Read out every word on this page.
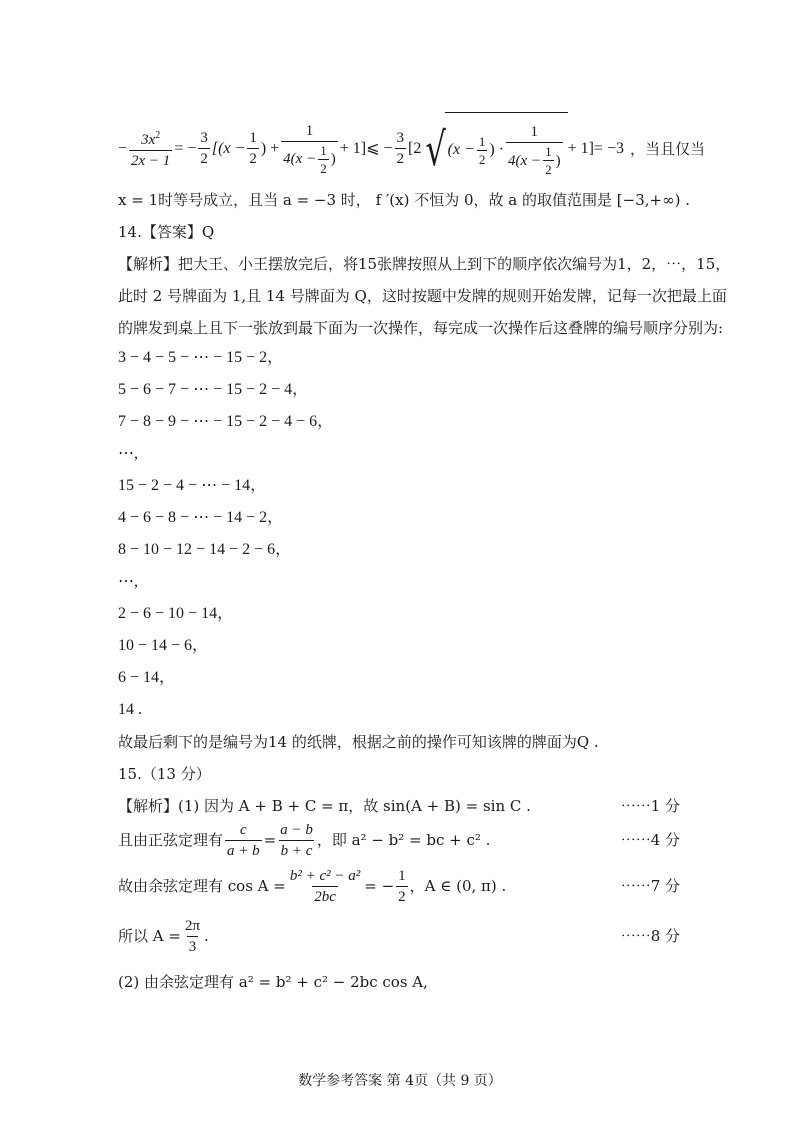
− $\frac{3x^2}{2x - 1}$ = − $\frac{3}{2} [(x - \frac{1}{2}$ ) + $\frac{1}{4(x - \frac{1}{2} )} + 1$] ⩽ − $\frac{3}{2} [2$ √ ($x - \frac{1}{2}$ ) · $\frac{1}{4(x - \frac{1}{2} )} + 1] = -3$ ，当且仅当
x = 1时等号成立，且当 a = −3 时， f ′(x) 不恒为 0，故 a 的取值范围是 [−3,+∞) .
14.【答案】Q
【解析】把大王、小王摆放完后，将15张牌按照从上到下的顺序依次编号为1，2，⋯，15，
此时 2 号牌面为 1,且 14 号牌面为 Q，这时按题中发牌的规则开始发牌，记每一次把最上面
的牌发到桌上且下一张放到最下面为一次操作，每完成一次操作后这叠牌的编号顺序分别为:
3 − 4 − 5 − ⋯ − 15 − 2，
5 − 6 − 7 − ⋯ − 15 − 2 − 4，
7 − 8 − 9 − ⋯ − 15 − 2 − 4 − 6，
⋯,
15 − 2 − 4 − ⋯ − 14，
4 − 6 − 8 − ⋯ − 14 − 2，
8 − 10 − 12 − 14 − 2 − 6，
⋯,
2 − 6 − 10 − 14，
10 − 14 − 6，
6 − 14，
14 .
故最后剩下的是编号为14 的纸牌，根据之前的操作可知该牌的牌面为Q .
15.（13 分）
【解析】(1) 因为 A + B + C = π，故 sin(A + B) = sin C .	⋯⋯1 分
且由正弦定理有 $\frac{c}{a + b} = \frac{a - b}{b + c}$ ，即 a² − b² = bc + c² .	⋯⋯4 分
故由余弦定理有 $\cos A = \frac{\text{b² + c² − a²}}{2bc}$ = − $\frac{1}{2}$ ，A ∈ (0, π) .	⋯⋯7 分
所以 $A = \frac{2\pi}{3}$ .	⋯⋯8 分
(2) 由余弦定理有 a² = b² + c² − 2bc cos A,
数学参考答案 第 4页（共 9 页）
